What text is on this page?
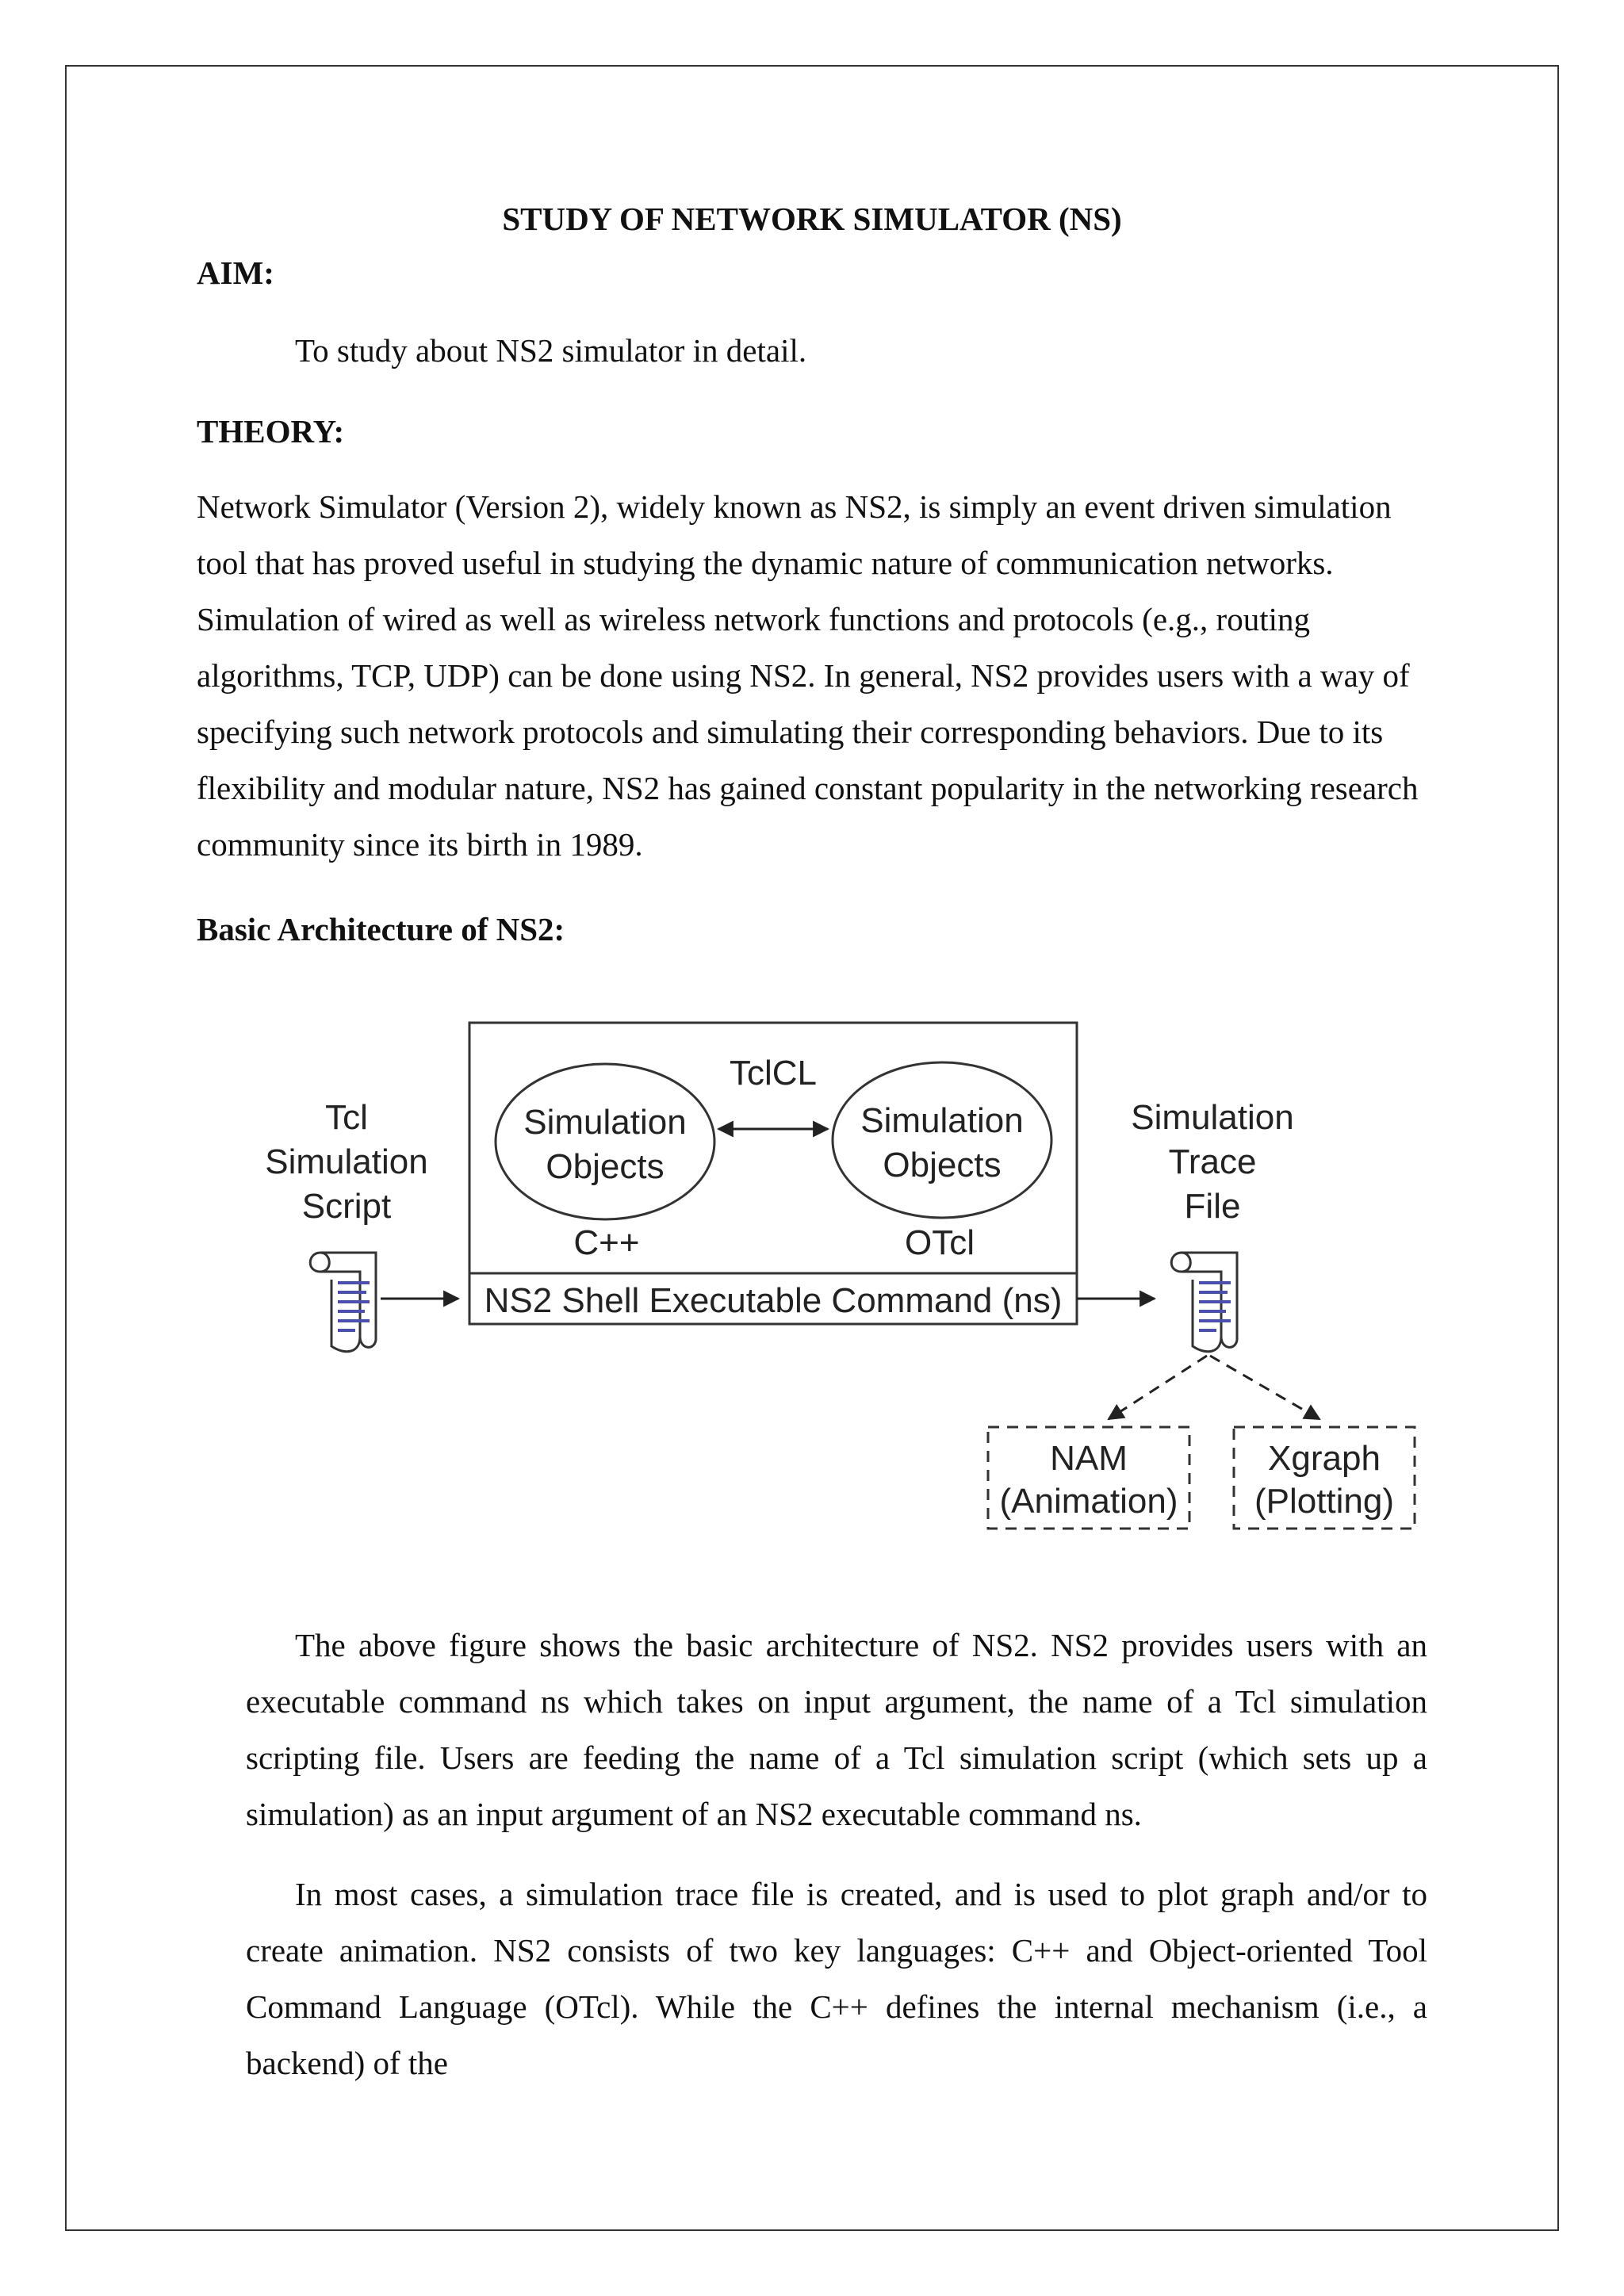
STUDY OF NETWORK SIMULATOR (NS)
AIM:
To study about NS2 simulator in detail.
THEORY:

Network Simulator (Version 2), widely known as NS2, is simply an event driven simulation tool that has proved useful in studying the dynamic nature of communication networks. Simulation of wired as well as wireless network functions and protocols (e.g., routing algorithms, TCP, UDP) can be done using NS2. In general, NS2 provides users with a way of specifying such network protocols and simulating their corresponding behaviors. Due to its flexibility and modular nature, NS2 has gained constant popularity in the networking research community since its birth in 1989.

Basic Architecture of NS2:
Tcl
Simulation
Script
TclCL
Simulation
Objects
Simulation
Objects
C++	OTcl
NS2 Shell Executable Command (ns)
Simulation
Trace
File
NAM
(Animation)
Xgraph
(Plotting)

The above figure shows the basic architecture of NS2. NS2 provides users with an executable command ns which takes on input argument, the name of a Tcl simulation scripting file. Users are feeding the name of a Tcl simulation script (which sets up a simulation) as an input argument of an NS2 executable command ns.

In most cases, a simulation trace file is created, and is used to plot graph and/or to create animation. NS2 consists of two key languages: C++ and Object-oriented Tool Command Language (OTcl). While the C++ defines the internal mechanism (i.e., a backend) of the
